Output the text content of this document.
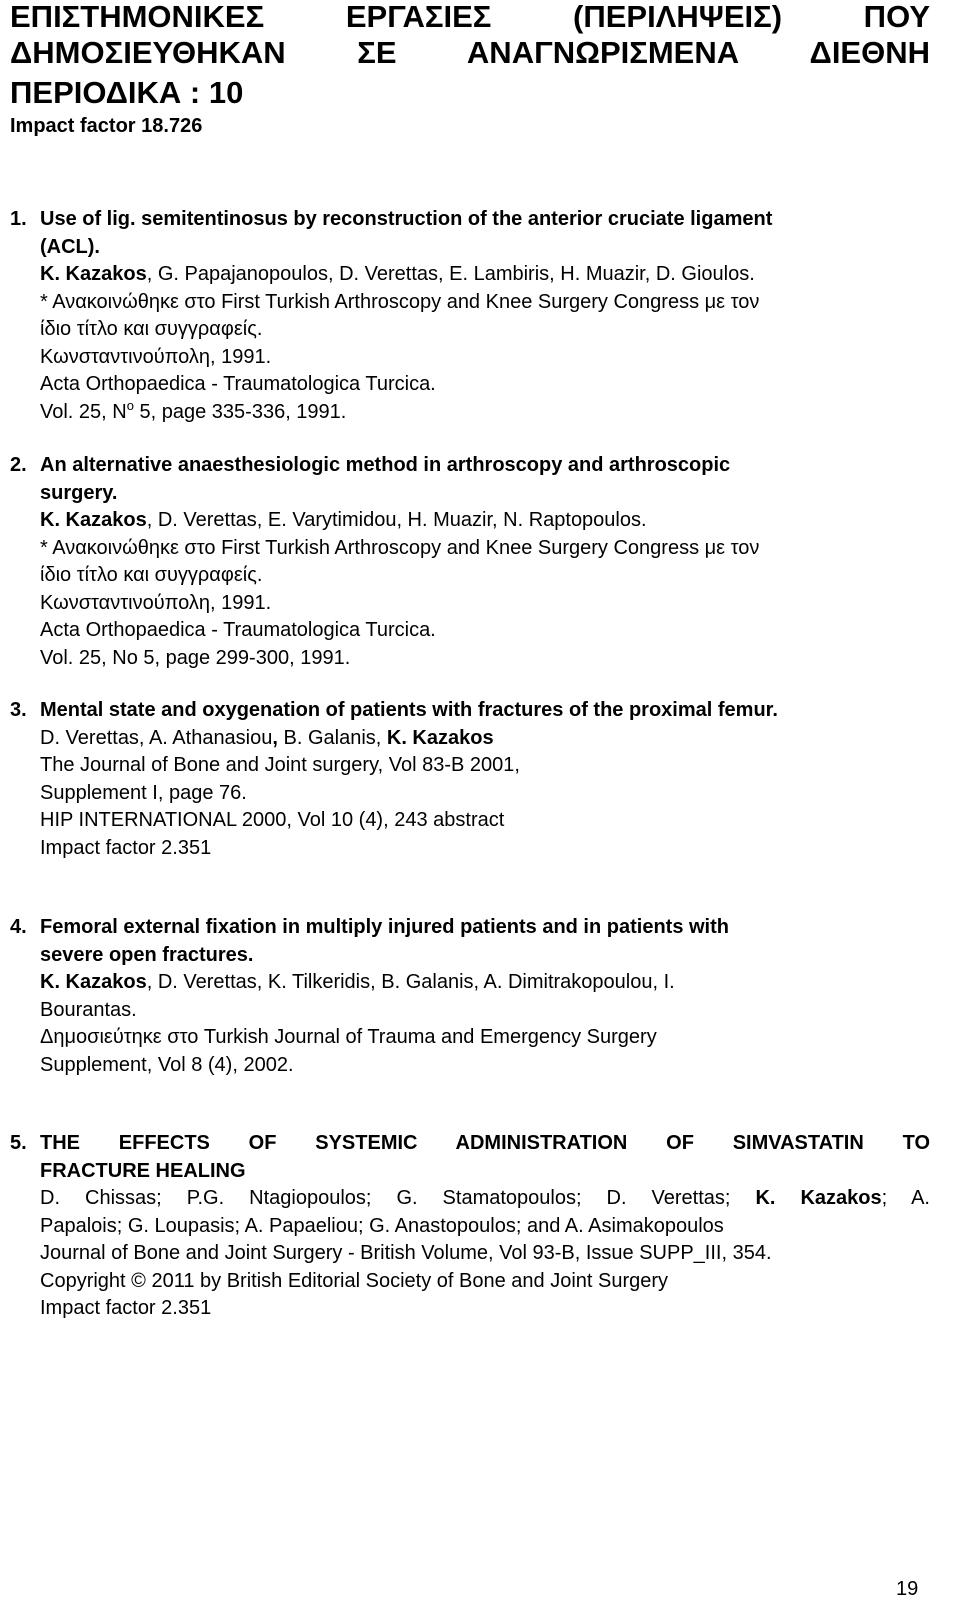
ΕΠΙΣΤΗΜΟΝΙΚΕΣ ΕΡΓΑΣΙΕΣ (ΠΕΡΙΛΗΨΕΙΣ) ΠΟΥ
ΔΗΜΟΣΙΕΥΘΗΚΑΝ ΣΕ ΑΝΑΓΝΩΡΙΣΜΕΝΑ ΔΙΕΘΝΗ
ΠΕΡΙΟΔΙΚΑ : 10
Impact factor 18.726
1. Use of lig. semitentinosus by reconstruction of the anterior cruciate ligament
(ACL).
K. Kazakos, G. Papajanopoulos, D. Verettas, E. Lambiris, H. Muazir, D. Gioulos.
* Ανακοινώθηκε στο First Turkish Arthroscopy and Knee Surgery Congress με τον
ίδιο τίτλο και συγγραφείς.
Κωνσταντινούπολη, 1991.
Acta Orthopaedica - Traumatologica Turcica.
Vol. 25, $N^o$ 5, page 335-336, 1991.
2. An alternative anaesthesiologic method in arthroscopy and arthroscopic
surgery.
K. Kazakos, D. Verettas, E. Varytimidou, H. Muazir, N. Raptopoulos.
* Ανακοινώθηκε στο First Turkish Arthroscopy and Knee Surgery Congress με τον
ίδιο τίτλο και συγγραφείς.
Κωνσταντινούπολη, 1991.
Acta Orthopaedica - Traumatologica Turcica.
Vol. 25, No 5, page 299-300, 1991.
3. Mental state and oxygenation of patients with fractures of the proximal femur.
D. Verettas, A. Athanasiou, B. Galanis, K. Kazakos
The Journal of Bone and Joint surgery, Vol 83-B 2001,
Supplement I, page 76.
HIP INTERNATIONAL 2000, Vol 10 (4), 243 abstract
Impact factor 2.351
4. Femoral external fixation in multiply injured patients and in patients with
severe open fractures.
K. Kazakos, D. Verettas, K. Tilkeridis, B. Galanis, A. Dimitrakopoulou, I.
Bourantas.
Δημοσιεύτηκε στο Turkish Journal of Trauma and Emergency Surgery
Supplement, Vol 8 (4), 2002.
5. THE EFFECTS OF SYSTEMIC ADMINISTRATION OF SIMVASTATIN TO
FRACTURE HEALING
D. Chissas; P.G. Ntagiopoulos; G. Stamatopoulos; D. Verettas; K. Kazakos; A.
Papalois; G. Loupasis; A. Papaeliou; G. Anastopoulos; and A. Asimakopoulos
Journal of Bone and Joint Surgery - British Volume, Vol 93-B, Issue SUPP_III, 354.
Copyright © 2011 by British Editorial Society of Bone and Joint Surgery
Impact factor 2.351
19
